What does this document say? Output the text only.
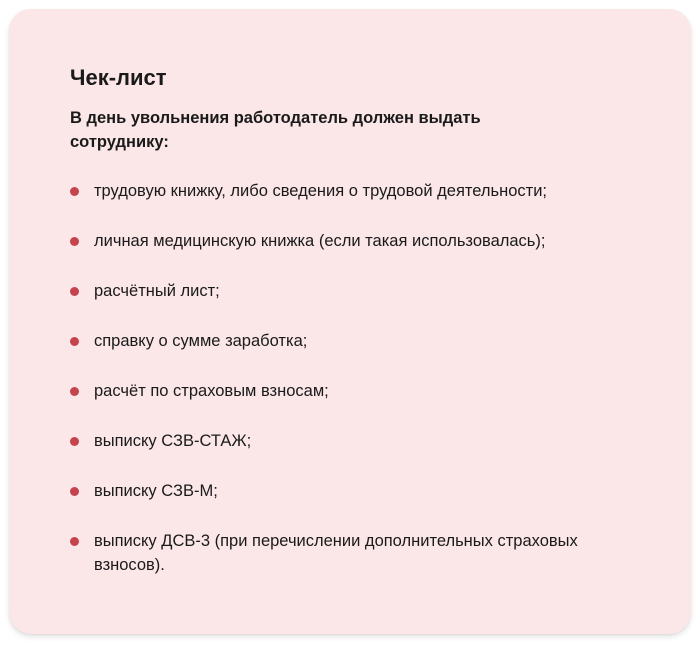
Чек-лист

В день увольнения работодатель должен выдать сотруднику:

трудовую книжку, либо сведения о трудовой деятельности;
личная медицинскую книжка (если такая использовалась);
расчётный лист;
справку о сумме заработка;
расчёт по страховым взносам;
выписку СЗВ-СТАЖ;
выписку СЗВ-М;
выписку ДСВ-3 (при перечислении дополнительных страховых взносов).
